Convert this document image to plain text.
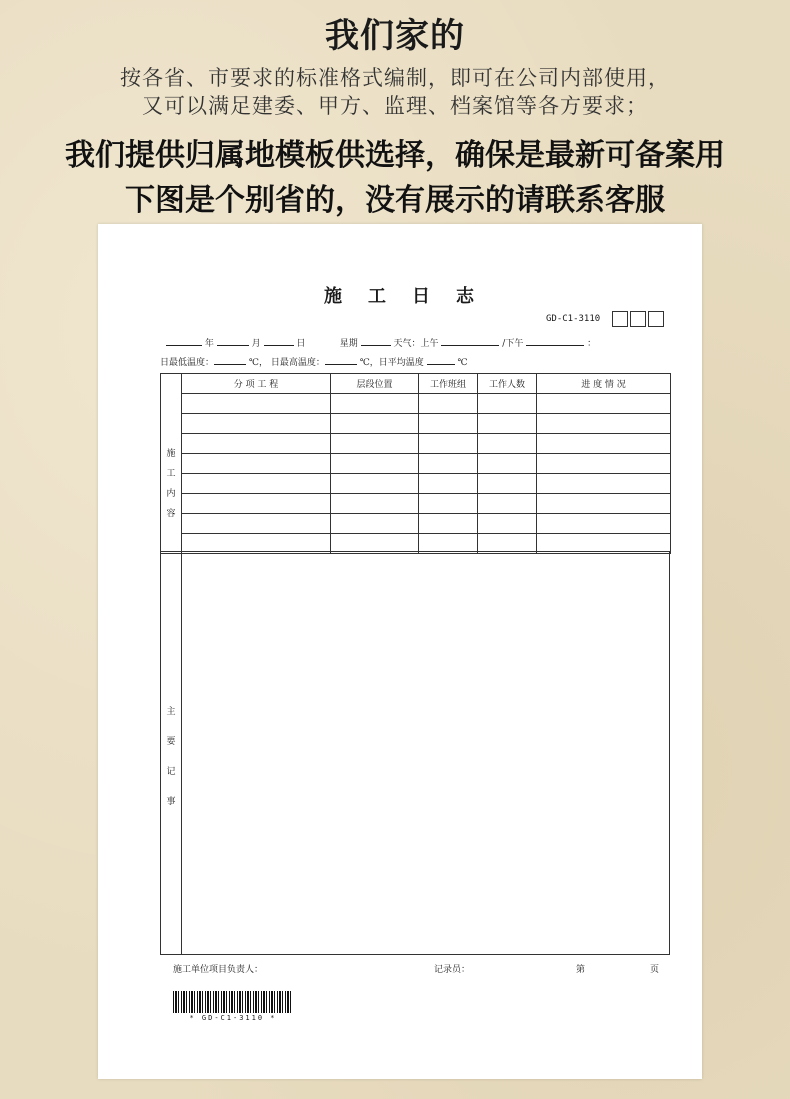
我们家的
按各省、市要求的标准格式编制，即可在公司内部使用，
又可以满足建委、甲方、监理、档案馆等各方要求；
我们提供归属地模板供选择，确保是最新可备案用
下图是个别省的，没有展示的请联系客服
施 工 日 志
GD-C1-3110
年	月	日	星期	天气：上午	/下午	：
日最低温度：	℃， 日最高温度：	℃，日平均温度	℃
施
工
内
容	分 项 工 程	层段位置	工作班组	工作人数	进 度 情 况

主
要
记
事
施工单位项目负责人：	记录员：	第	页
* GD-C1-3110 *
